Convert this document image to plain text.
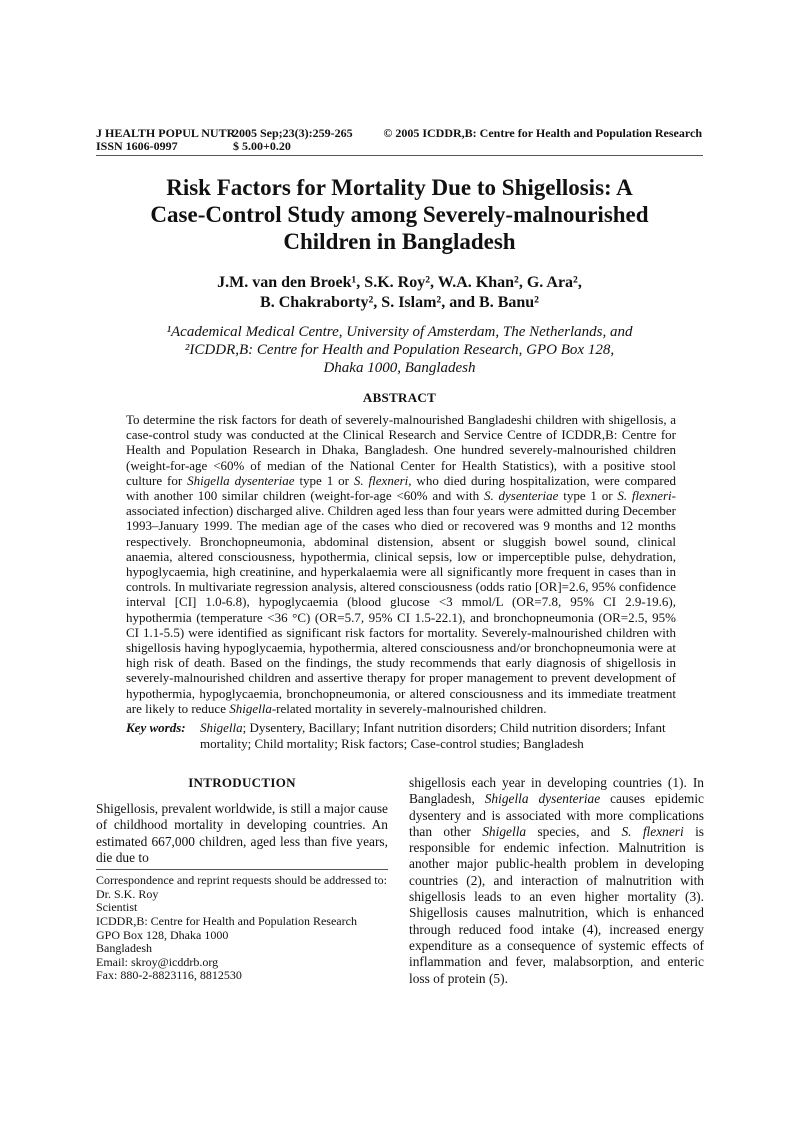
J HEALTH POPUL NUTR
2005 Sep;23(3):259-265	© 2005 ICDDR,B: Centre for Health and Population Research
ISSN 1606-0997	$ 5.00+0.20
Risk Factors for Mortality Due to Shigellosis: A
Case-Control Study among Severely-malnourished
Children in Bangladesh
J.M. van den Broek¹, S.K. Roy², W.A. Khan², G. Ara²,
B. Chakraborty², S. Islam², and B. Banu²
¹Academical Medical Centre, University of Amsterdam, The Netherlands, and
²ICDDR,B: Centre for Health and Population Research, GPO Box 128,
Dhaka 1000, Bangladesh
ABSTRACT
To determine the risk factors for death of severely-malnourished Bangladeshi children with shigellosis, a case-control study was conducted at the Clinical Research and Service Centre of ICDDR,B: Centre for Health and Population Research in Dhaka, Bangladesh. One hundred severely-malnourished children (weight-for-age <60% of median of the National Center for Health Statistics), with a positive stool culture for Shigella dysenteriae type 1 or S. flexneri, who died during hospitalization, were compared with another 100 similar children (weight-for-age <60% and with S. dysenteriae type 1 or S. flexneri-associated infection) discharged alive. Children aged less than four years were admitted during December 1993–January 1999. The median age of the cases who died or recovered was 9 months and 12 months respectively. Bronchopneumonia, abdominal distension, absent or sluggish bowel sound, clinical anaemia, altered consciousness, hypothermia, clinical sepsis, low or imperceptible pulse, dehydration, hypoglycaemia, high creatinine, and hyperkalaemia were all significantly more frequent in cases than in controls. In multivariate regression analysis, altered consciousness (odds ratio [OR]=2.6, 95% confidence interval [CI] 1.0-6.8), hypoglycaemia (blood glucose <3 mmol/L (OR=7.8, 95% CI 2.9-19.6), hypothermia (temperature <36 °C) (OR=5.7, 95% CI 1.5-22.1), and bronchopneumonia (OR=2.5, 95% CI 1.1-5.5) were identified as significant risk factors for mortality. Severely-malnourished children with shigellosis having hypoglycaemia, hypothermia, altered consciousness and/or bronchopneumonia were at high risk of death. Based on the findings, the study recommends that early diagnosis of shigellosis in severely-malnourished children and assertive therapy for proper management to prevent development of hypothermia, hypoglycaemia, bronchopneumonia, or altered consciousness and its immediate treatment are likely to reduce Shigella-related mortality in severely-malnourished children.
Key words:	Shigella; Dysentery, Bacillary; Infant nutrition disorders; Child nutrition disorders; Infant mortality; Child mortality; Risk factors; Case-control studies; Bangladesh
INTRODUCTION
Shigellosis, prevalent worldwide, is still a major cause of childhood mortality in developing countries. An estimated 667,000 children, aged less than five years, die due to
Correspondence and reprint requests should be addressed to:
Dr. S.K. Roy
Scientist
ICDDR,B: Centre for Health and Population Research
GPO Box 128, Dhaka 1000
Bangladesh
Email: skroy@icddrb.org
Fax: 880-2-8823116, 8812530
shigellosis each year in developing countries (1). In Bangladesh, Shigella dysenteriae causes epidemic dysentery and is associated with more complications than other Shigella species, and S. flexneri is responsible for endemic infection. Malnutrition is another major public-health problem in developing countries (2), and interaction of malnutrition with shigellosis leads to an even higher mortality (3). Shigellosis causes malnutrition, which is enhanced through reduced food intake (4), increased energy expenditure as a consequence of systemic effects of inflammation and fever, malabsorption, and enteric loss of protein (5).
